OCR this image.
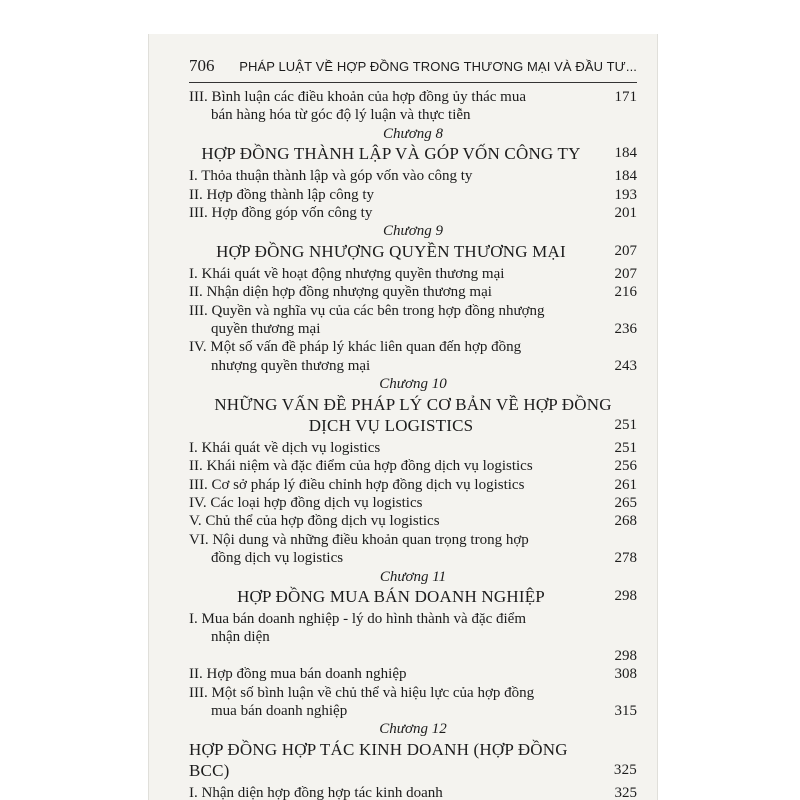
706 PHÁP LUẬT VỀ HỢP ĐỒNG TRONG THƯƠNG MẠI VÀ ĐẦU TƯ...
III. Bình luận các điều khoản của hợp đồng ủy thác mua
bán hàng hóa từ góc độ lý luận và thực tiễn
171
Chương 8
HỢP ĐỒNG THÀNH LẬP VÀ GÓP VỐN CÔNG TY 184
I. Thỏa thuận thành lập và góp vốn vào công ty	184
II. Hợp đồng thành lập công ty	193
III. Hợp đồng góp vốn công ty	201
Chương 9
HỢP ĐỒNG NHƯỢNG QUYỀN THƯƠNG MẠI	207
I. Khái quát về hoạt động nhượng quyền thương mại	207
II. Nhận diện hợp đồng nhượng quyền thương mại	216
III. Quyền và nghĩa vụ của các bên trong hợp đồng nhượng
quyền thương mại	236
IV. Một số vấn đề pháp lý khác liên quan đến hợp đồng
nhượng quyền thương mại	243
Chương 10
NHỮNG VẤN ĐỀ PHÁP LÝ CƠ BẢN VỀ HỢP ĐỒNG
DỊCH VỤ LOGISTICS	251
I. Khái quát về dịch vụ logistics	251
II. Khái niệm và đặc điểm của hợp đồng dịch vụ logistics	256
III. Cơ sở pháp lý điều chỉnh hợp đồng dịch vụ logistics	261
IV. Các loại hợp đồng dịch vụ logistics	265
V. Chủ thể của hợp đồng dịch vụ logistics	268
VI. Nội dung và những điều khoản quan trọng trong hợp
đồng dịch vụ logistics	278
Chương 11
HỢP ĐỒNG MUA BÁN DOANH NGHIỆP	298
I. Mua bán doanh nghiệp - lý do hình thành và đặc điểm
nhận diện
298
II. Hợp đồng mua bán doanh nghiệp	308
III. Một số bình luận về chủ thể và hiệu lực của hợp đồng
mua bán doanh nghiệp	315
Chương 12
HỢP ĐỒNG HỢP TÁC KINH DOANH (HỢP ĐỒNG BCC)	325
I. Nhận diện hợp đồng hợp tác kinh doanh	325
